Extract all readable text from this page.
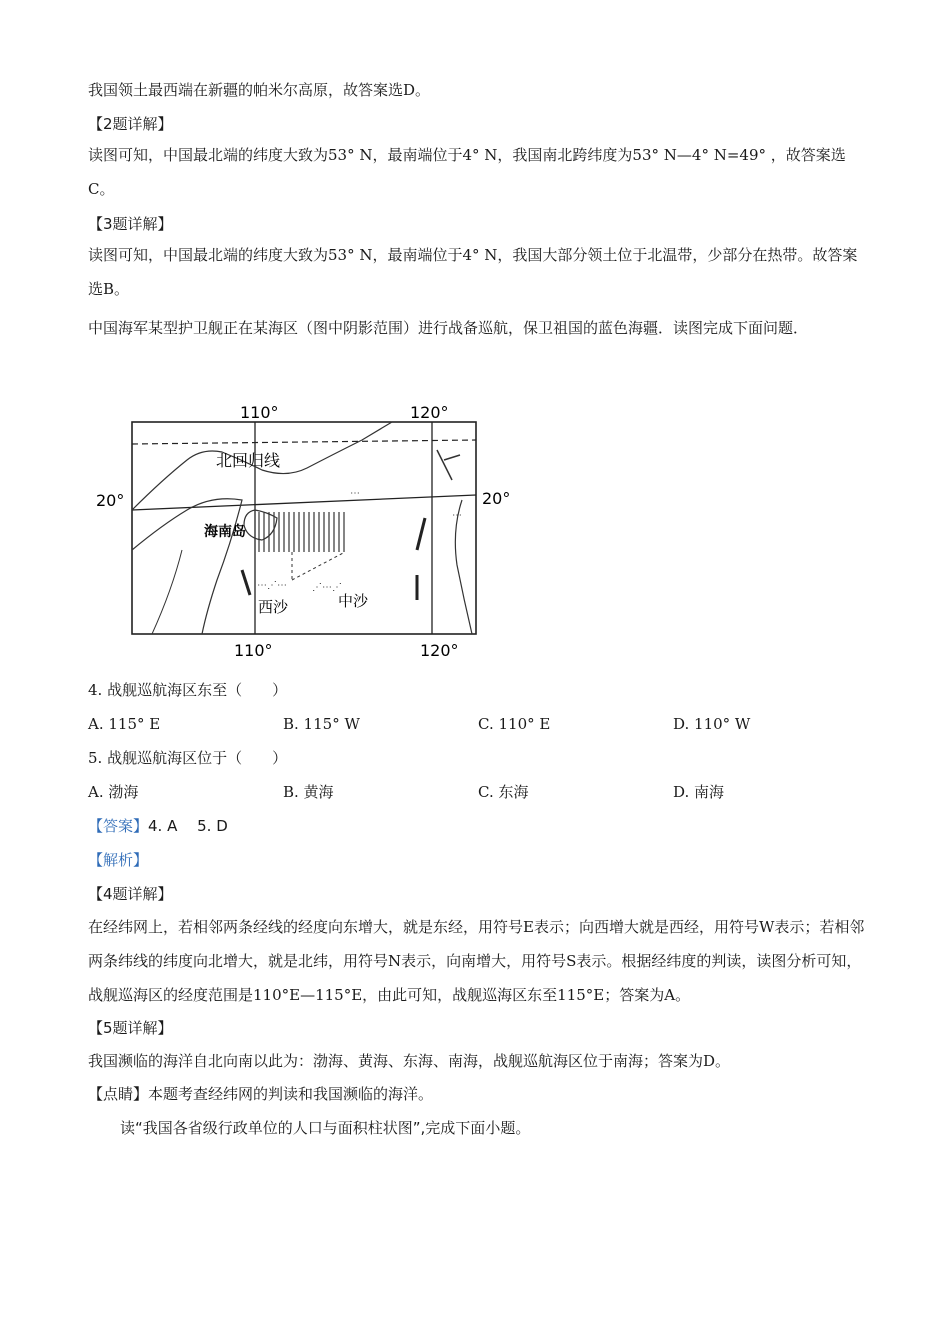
我国领土最西端在新疆的帕米尔高原，故答案选D。

【2题详解】

读图可知，中国最北端的纬度大致为53° N，最南端位于4° N，我国南北跨纬度为53° N—4° N=49° ，故答案选C。

【3题详解】

读图可知，中国最北端的纬度大致为53° N，最南端位于4° N，我国大部分领土位于北温带，少部分在热带。故答案选B。

中国海军某型护卫舰正在某海区（图中阴影范围）进行战备巡航，保卫祖国的蓝色海疆．读图完成下面问题．

⋯⋰⋯	⋰⋯⋰
⋯
⋯
110°	120°
110°	120°
20°	20°
北回归线
海南岛
西沙	中沙

4. 战舰巡航海区东至（　　）

A. 115° E	B. 115° W	C. 110° E	D. 110° W

5. 战舰巡航海区位于（　　）

A. 渤海	B. 黄海	C. 东海	D. 南海

【答案】4. A　 5. D

【解析】

【4题详解】

在经纬网上，若相邻两条经线的经度向东增大，就是东经，用符号E表示；向西增大就是西经，用符号W表示；若相邻两条纬线的纬度向北增大，就是北纬，用符号N表示，向南增大，用符号S表示。根据经纬度的判读，读图分析可知，战舰巡海区的经度范围是110°E—115°E，由此可知，战舰巡海区东至115°E；答案为A。

【5题详解】

我国濒临的海洋自北向南以此为：渤海、黄海、东海、南海，战舰巡航海区位于南海；答案为D。

【点睛】本题考查经纬网的判读和我国濒临的海洋。

读“我国各省级行政单位的人口与面积柱状图”,完成下面小题。
